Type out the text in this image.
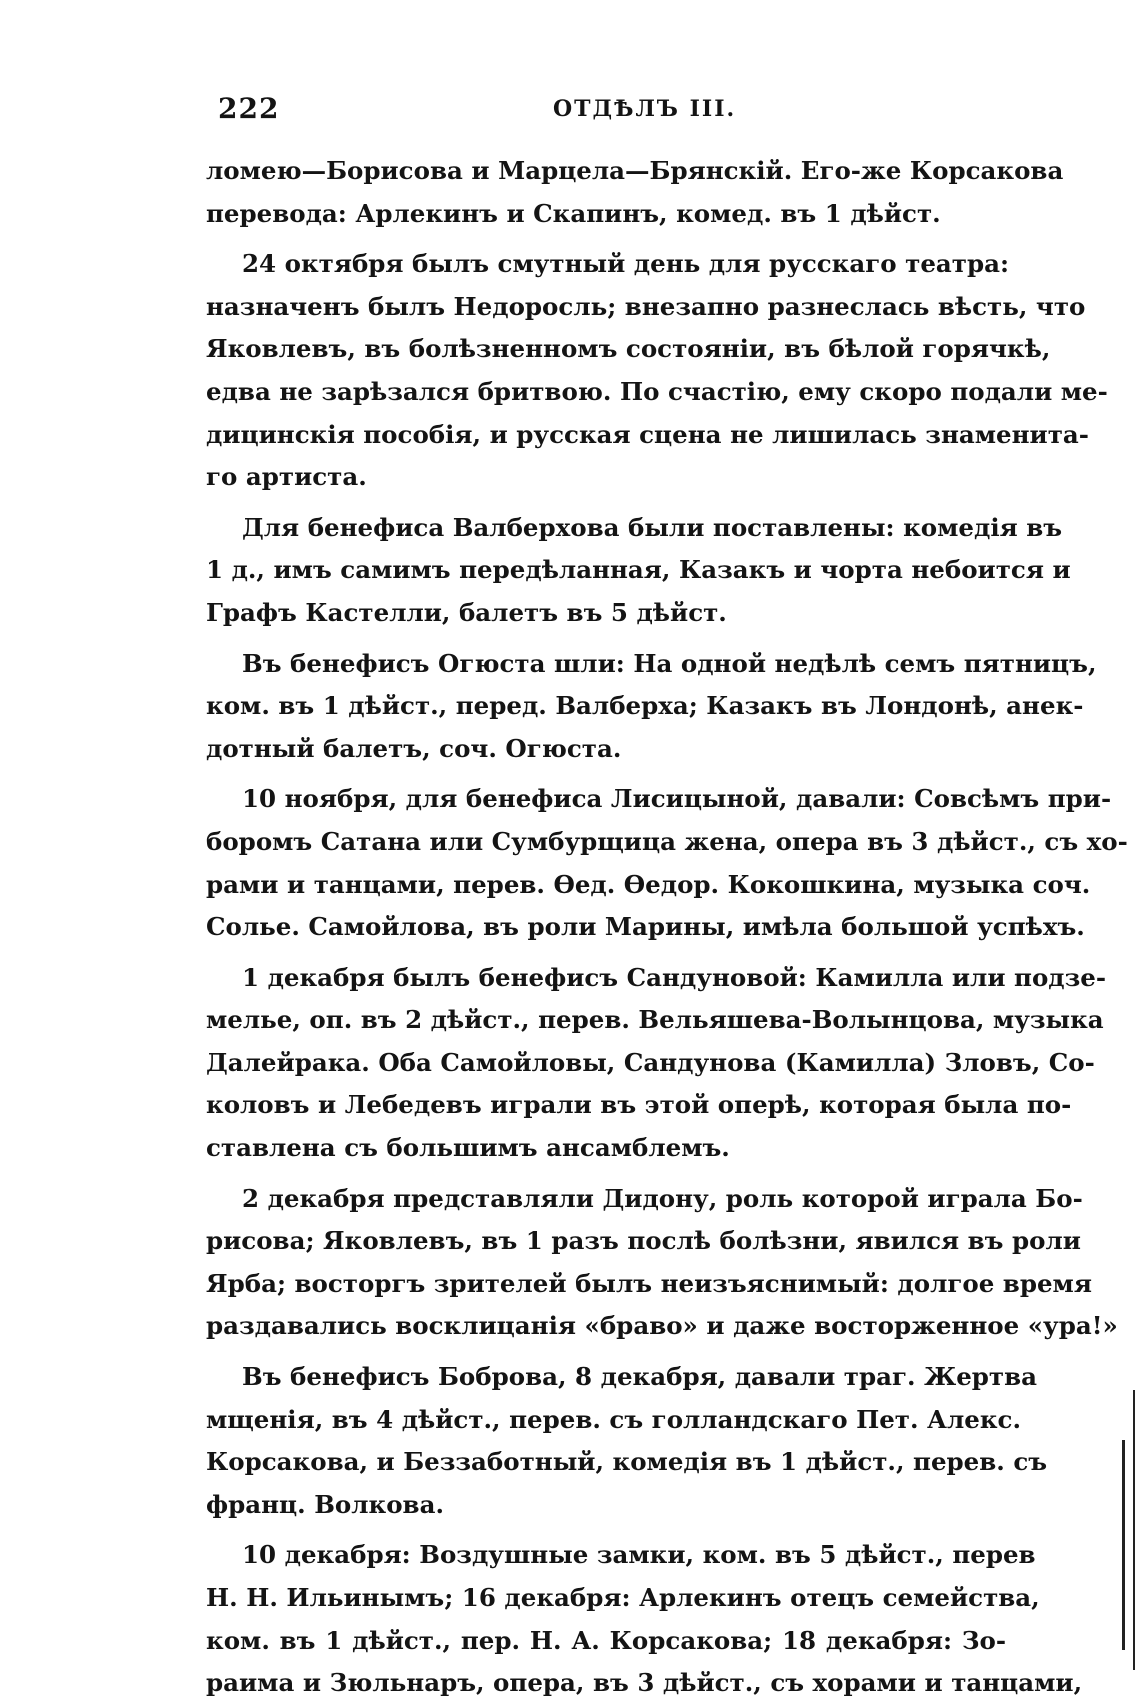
222	ОТДѢЛЪ III.
ломею—Борисова и Марцела—Брянскій. Его-же Корсакова
перевода: Арлекинъ и Скапинъ, комед. въ 1 дѣйст.
24 октября былъ смутный день для русскаго театра:
назначенъ былъ Недоросль; внезапно разнеслась вѣсть, что
Яковлевъ, въ болѣзненномъ состояніи, въ бѣлой горячкѣ,
едва не зарѣзался бритвою. По счастію, ему скоро подали ме-
дицинскія пособія, и русская сцена не лишилась знаменита-
го артиста.
Для бенефиса Валберхова были поставлены: комедія въ
1 д., имъ самимъ передѣланная, Казакъ и чорта небоится и
Графъ Кастелли, балетъ въ 5 дѣйст.
Въ бенефисъ Огюста шли: На одной недѣлѣ семъ пятницъ,
ком. въ 1 дѣйст., перед. Валберха; Казакъ въ Лондонѣ, анек-
дотный балетъ, соч. Огюста.
10 ноября, для бенефиса Лисицыной, давали: Совсѣмъ при-
боромъ Сатана или Сумбурщица жена, опера въ 3 дѣйст., съ хо-
рами и танцами, перев. Ѳед. Ѳедор. Кокошкина, музыка соч.
Солье. Самойлова, въ роли Марины, имѣла большой успѣхъ.
1 декабря былъ бенефисъ Сандуновой: Камилла или подзе-
мелье, оп. въ 2 дѣйст., перев. Вельяшева-Волынцова, музыка
Далейрака. Оба Самойловы, Сандунова (Камилла) Зловъ, Со-
коловъ и Лебедевъ играли въ этой оперѣ, которая была по-
ставлена съ большимъ ансамблемъ.
2 декабря представляли Дидону, роль которой играла Бо-
рисова; Яковлевъ, въ 1 разъ послѣ болѣзни, явился въ роли
Ярба; восторгъ зрителей былъ неизъяснимый: долгое время
раздавались восклицанія «браво» и даже восторженное «ура!»
Въ бенефисъ Боброва, 8 декабря, давали траг. Жертва
мщенія, въ 4 дѣйст., перев. съ голландскаго Пет. Алекс.
Корсакова, и Беззаботный, комедія въ 1 дѣйст., перев. съ
франц. Волкова.
10 декабря: Воздушные замки, ком. въ 5 дѣйст., перев
Н. Н. Ильинымъ; 16 декабря: Арлекинъ отецъ семейства,
ком. въ 1 дѣйст., пер. Н. А. Корсакова; 18 декабря: Зо-
раима и Зюльнаръ, опера, въ 3 дѣйст., съ хорами и танцами,
